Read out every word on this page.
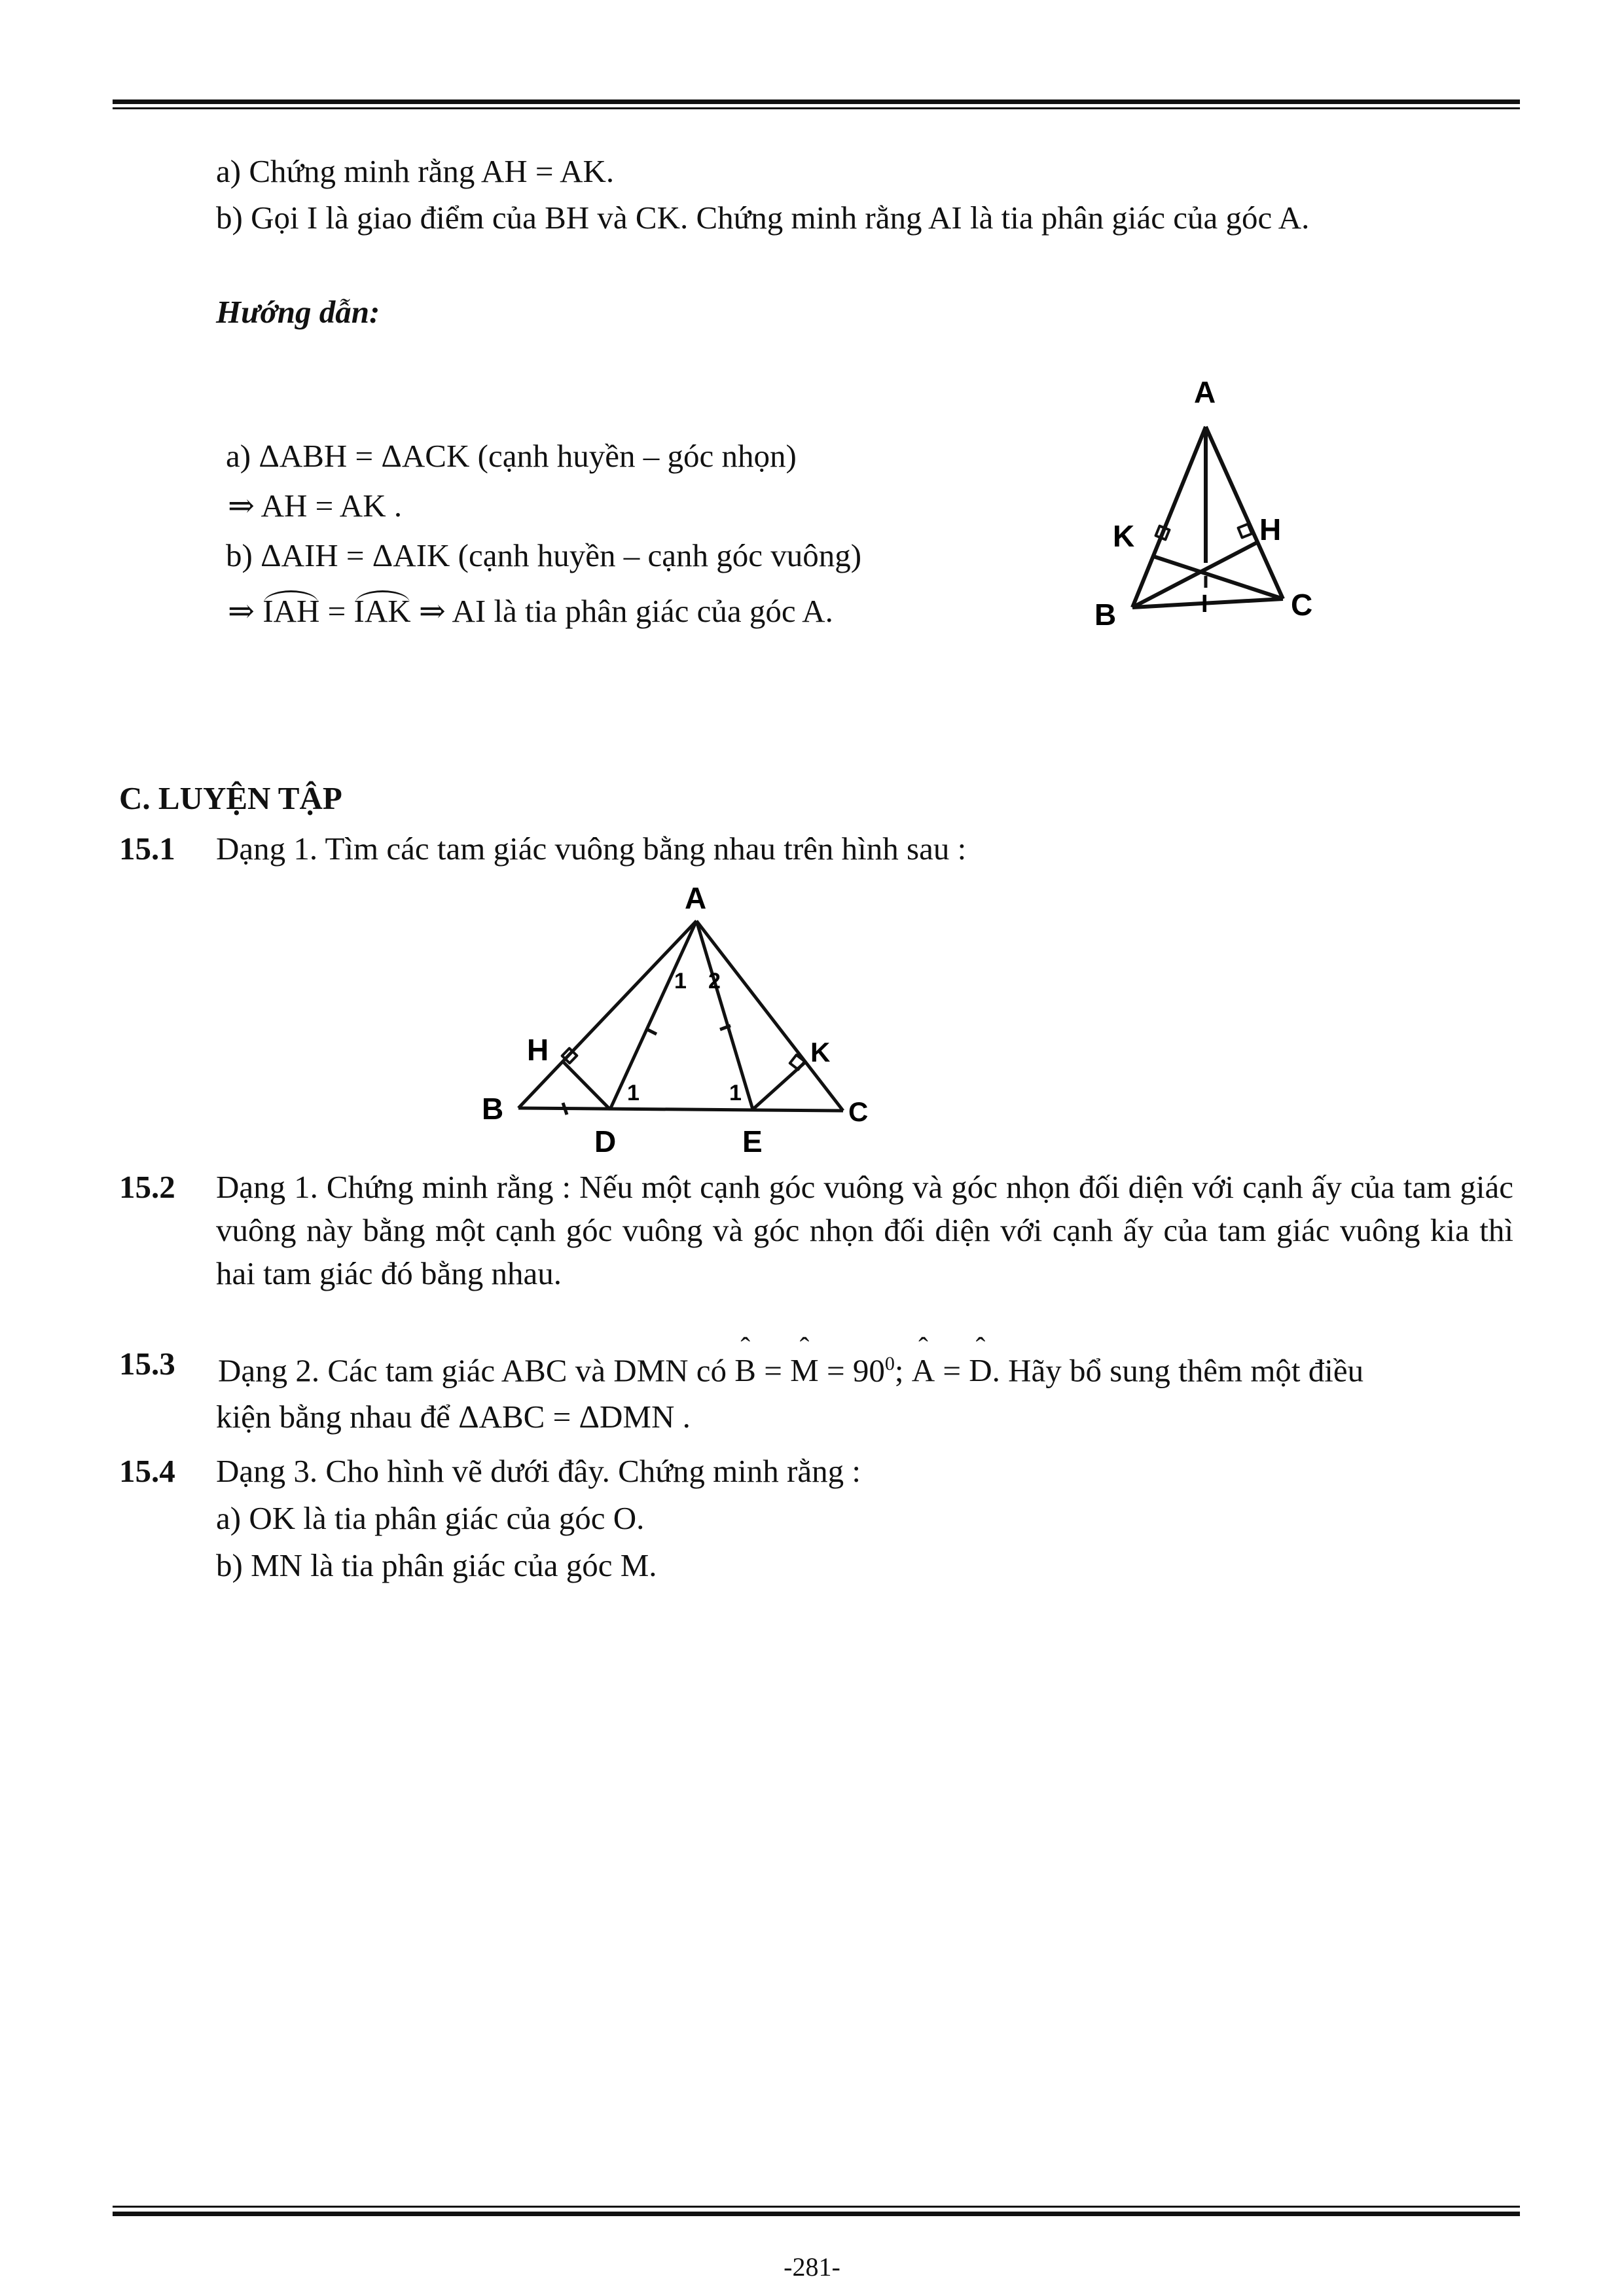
a) Chứng minh rằng AH = AK.
b) Gọi I là giao điểm của BH và CK. Chứng minh rằng AI là tia phân giác của góc A.
Hướng dẫn:
a) ΔABH = ΔACK (cạnh huyền – góc nhọn)
⇒ AH = AK .
b) ΔAIH = ΔAIK (cạnh huyền – cạnh góc vuông)
⇒ IAH = IAK ⇒ AI là tia phân giác của góc A.
A
K	H
B	C
I
C. LUYỆN TẬP
15.1 Dạng 1. Tìm các tam giác vuông bằng nhau trên hình sau :
A
H	K
B	C
D	E
1 2
1	1
15.2 Dạng 1. Chứng minh rằng : Nếu một cạnh góc vuông và góc nhọn đối diện với cạnh ấy của tam giác vuông này bằng một cạnh góc vuông và góc nhọn đối diện với cạnh ấy của tam giác vuông kia thì hai tam giác đó bằng nhau.
15.3 Dạng 2. Các tam giác ABC và DMN có ˆ B = ˆ $M = 90^0$; ˆ A = ˆ D. Hãy bổ sung thêm một điều
kiện bằng nhau để ΔABC = ΔDMN .
15.4 Dạng 3. Cho hình vẽ dưới đây. Chứng minh rằng :
a) OK là tia phân giác của góc O.
b) MN là tia phân giác của góc M.
-281-
